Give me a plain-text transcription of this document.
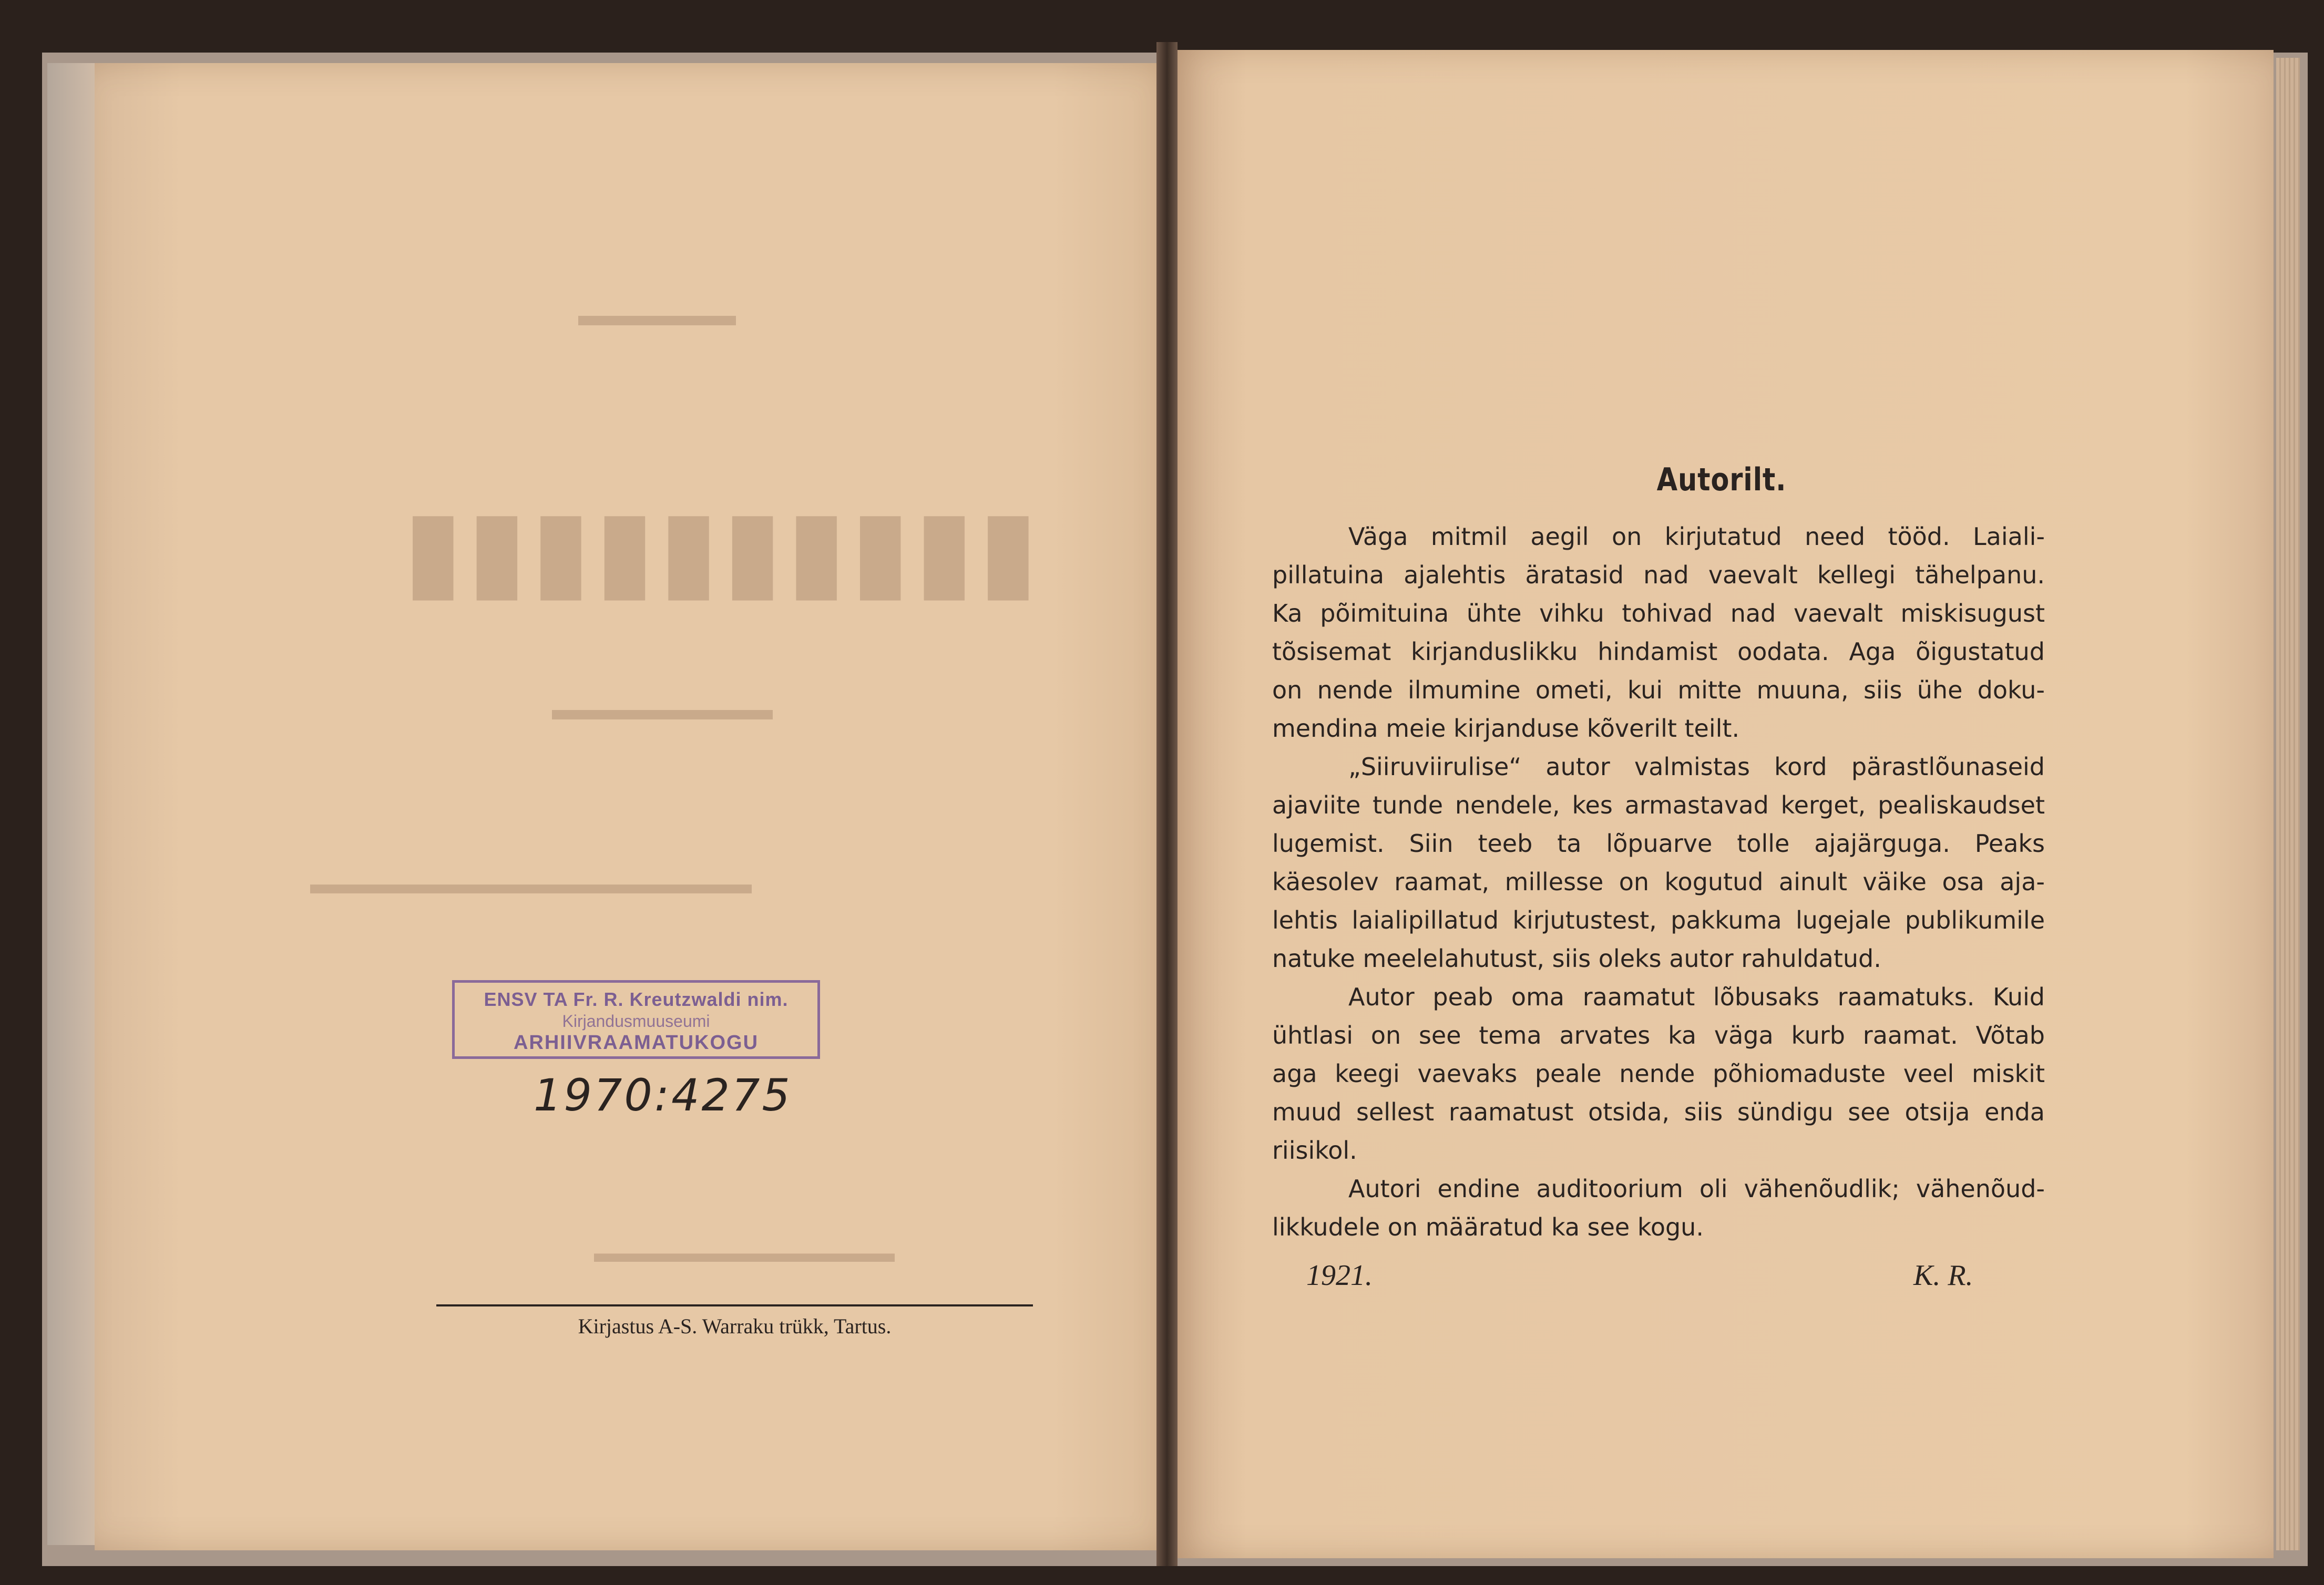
▬▬▬▬▬
▮▮▮▮▮▮▮▮▮▮
▬▬▬▬▬▬▬
▬▬▬▬▬▬▬▬▬▬▬▬▬▬▬
▬▬▬▬▬▬▬▬▬▬▬
ENSV TA Fr. R. Kreutzwaldi nim.
Kirjandusmuuseumi
ARHIIVRAAMATUKOGU
1970:4275
Kirjastus A-S. Warraku trükk, Tartus.
Autorilt.
Väga mitmil aegil on kirjutatud need tööd. Laiali-
pillatuina ajalehtis äratasid nad vaevalt kellegi tähelpanu.
Ka põimituina ühte vihku tohivad nad vaevalt miskisugust
tõsisemat kirjanduslikku hindamist oodata. Aga õigustatud
on nende ilmumine ometi, kui mitte muuna, siis ühe doku-
mendina meie kirjanduse kõverilt teilt.
„Siiruviirulise“ autor valmistas kord pärastlõunaseid
ajaviite tunde nendele, kes armastavad kerget, pealiskaudset
lugemist. Siin teeb ta lõpuarve tolle ajajärguga. Peaks
käesolev raamat, millesse on kogutud ainult väike osa aja-
lehtis laialipillatud kirjutustest, pakkuma lugejale publikumile
natuke meelelahutust, siis oleks autor rahuldatud.
Autor peab oma raamatut lõbusaks raamatuks. Kuid
ühtlasi on see tema arvates ka väga kurb raamat. Võtab
aga keegi vaevaks peale nende põhiomaduste veel miskit
muud sellest raamatust otsida, siis sündigu see otsija enda
riisikol.
Autori endine auditoorium oli vähenõudlik; vähenõud-
likkudele on määratud ka see kogu.
1921.	K. R.
